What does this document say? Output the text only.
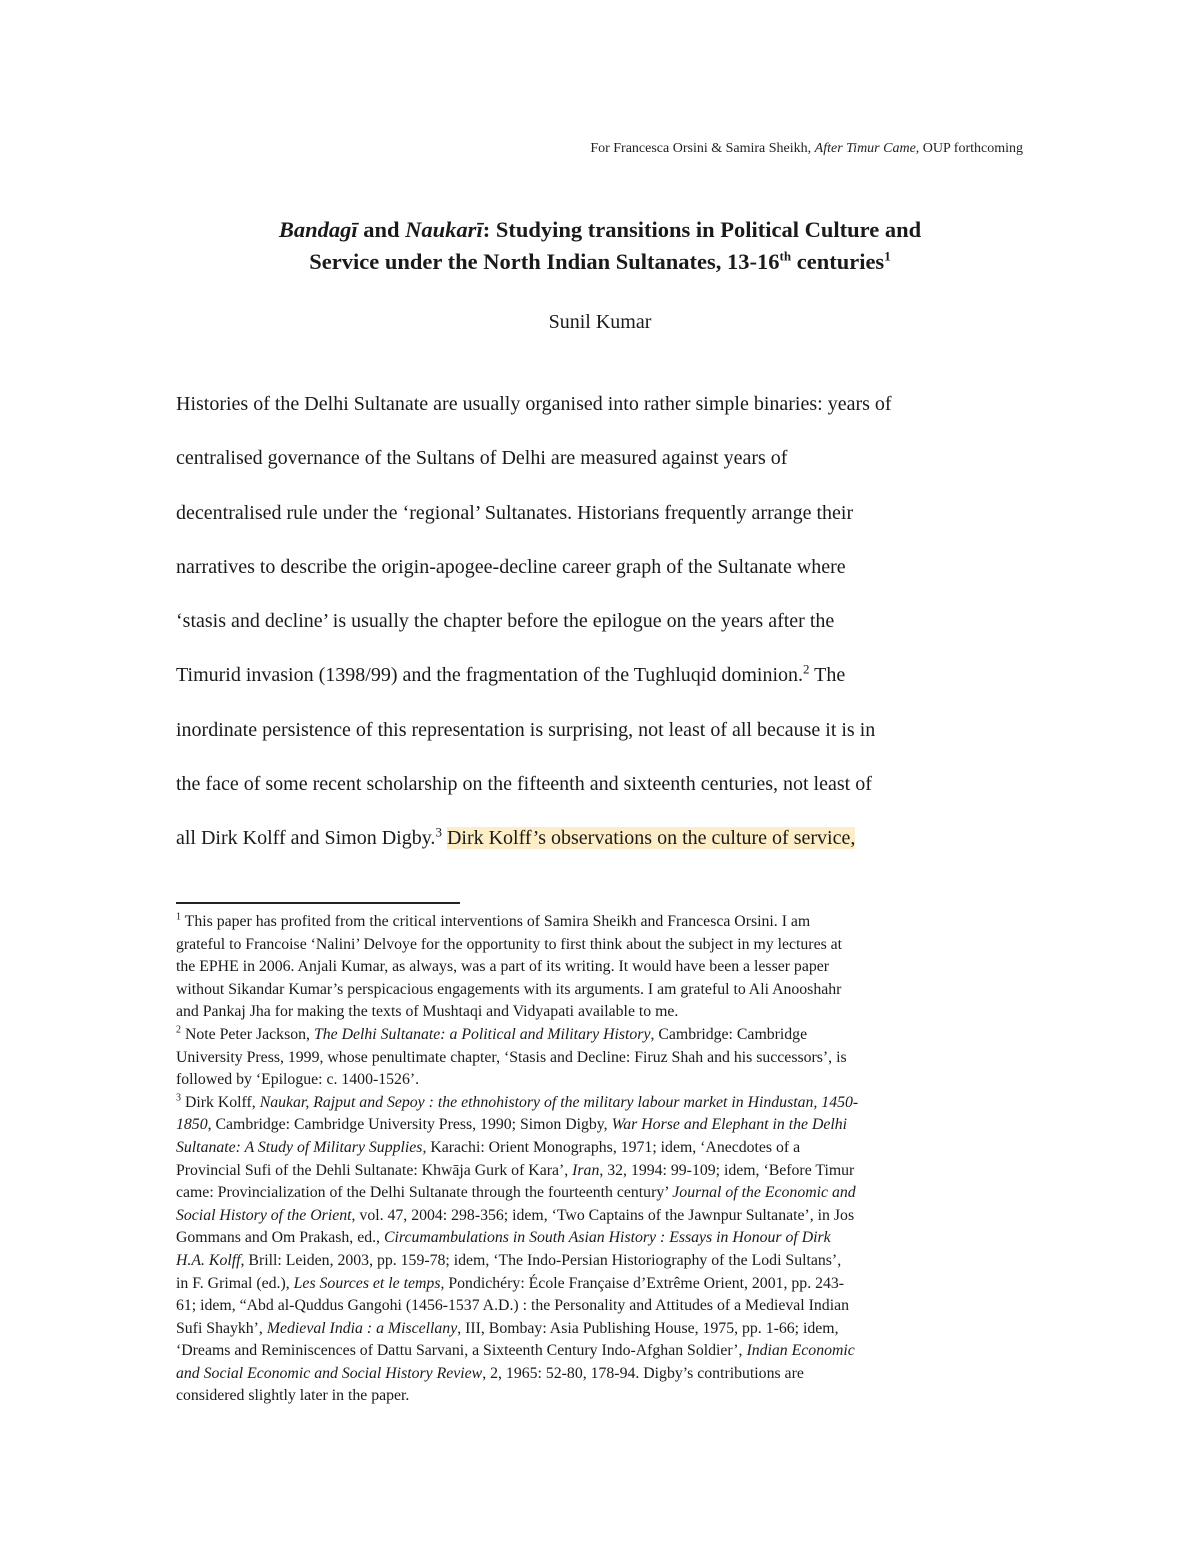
For Francesca Orsini & Samira Sheikh, After Timur Came, OUP forthcoming
Bandagī and Naukarī: Studying transitions in Political Culture and
Service under the North Indian Sultanates, 13-16th centuries$^1$
Sunil Kumar
Histories of the Delhi Sultanate are usually organised into rather simple binaries: years of
centralised governance of the Sultans of Delhi are measured against years of
decentralised rule under the ‘regional’ Sultanates. Historians frequently arrange their
narratives to describe the origin-apogee-decline career graph of the Sultanate where
‘stasis and decline’ is usually the chapter before the epilogue on the years after the
Timurid invasion (1398/99) and the fragmentation of the Tughluqid dominion.$^2$ The
inordinate persistence of this representation is surprising, not least of all because it is in
the face of some recent scholarship on the fifteenth and sixteenth centuries, not least of
all Dirk Kolff and Simon Digby.$^3$ Dirk Kolff’s observations on the culture of service,
$^1$ This paper has profited from the critical interventions of Samira Sheikh and Francesca Orsini. I am
grateful to Francoise ‘Nalini’ Delvoye for the opportunity to first think about the subject in my lectures at
the EPHE in 2006. Anjali Kumar, as always, was a part of its writing. It would have been a lesser paper
without Sikandar Kumar’s perspicacious engagements with its arguments. I am grateful to Ali Anooshahr
and Pankaj Jha for making the texts of Mushtaqi and Vidyapati available to me.
$^2$ Note Peter Jackson, The Delhi Sultanate: a Political and Military History, Cambridge: Cambridge
University Press, 1999, whose penultimate chapter, ‘Stasis and Decline: Firuz Shah and his successors’, is
followed by ‘Epilogue: c. 1400-1526’.
$^3$ Dirk Kolff, Naukar, Rajput and Sepoy : the ethnohistory of the military labour market in Hindustan, 1450-
1850, Cambridge: Cambridge University Press, 1990; Simon Digby, War Horse and Elephant in the Delhi
Sultanate: A Study of Military Supplies, Karachi: Orient Monographs, 1971; idem, ‘Anecdotes of a
Provincial Sufi of the Dehli Sultanate: Khwāja Gurk of Kara’, Iran, 32, 1994: 99-109; idem, ‘Before Timur
came: Provincialization of the Delhi Sultanate through the fourteenth century’ Journal of the Economic and
Social History of the Orient, vol. 47, 2004: 298-356; idem, ‘Two Captains of the Jawnpur Sultanate’, in Jos
Gommans and Om Prakash, ed., Circumambulations in South Asian History : Essays in Honour of Dirk
H.A. Kolff, Brill: Leiden, 2003, pp. 159-78; idem, ‘The Indo-Persian Historiography of the Lodi Sultans’,
in F. Grimal (ed.), Les Sources et le temps, Pondichéry: École Française d’Extrême Orient, 2001, pp. 243-
61; idem, “Abd al-Quddus Gangohi (1456-1537 A.D.) : the Personality and Attitudes of a Medieval Indian
Sufi Shaykh’, Medieval India : a Miscellany, III, Bombay: Asia Publishing House, 1975, pp. 1-66; idem,
‘Dreams and Reminiscences of Dattu Sarvani, a Sixteenth Century Indo-Afghan Soldier’, Indian Economic
and Social Economic and Social History Review, 2, 1965: 52-80, 178-94. Digby’s contributions are
considered slightly later in the paper.
